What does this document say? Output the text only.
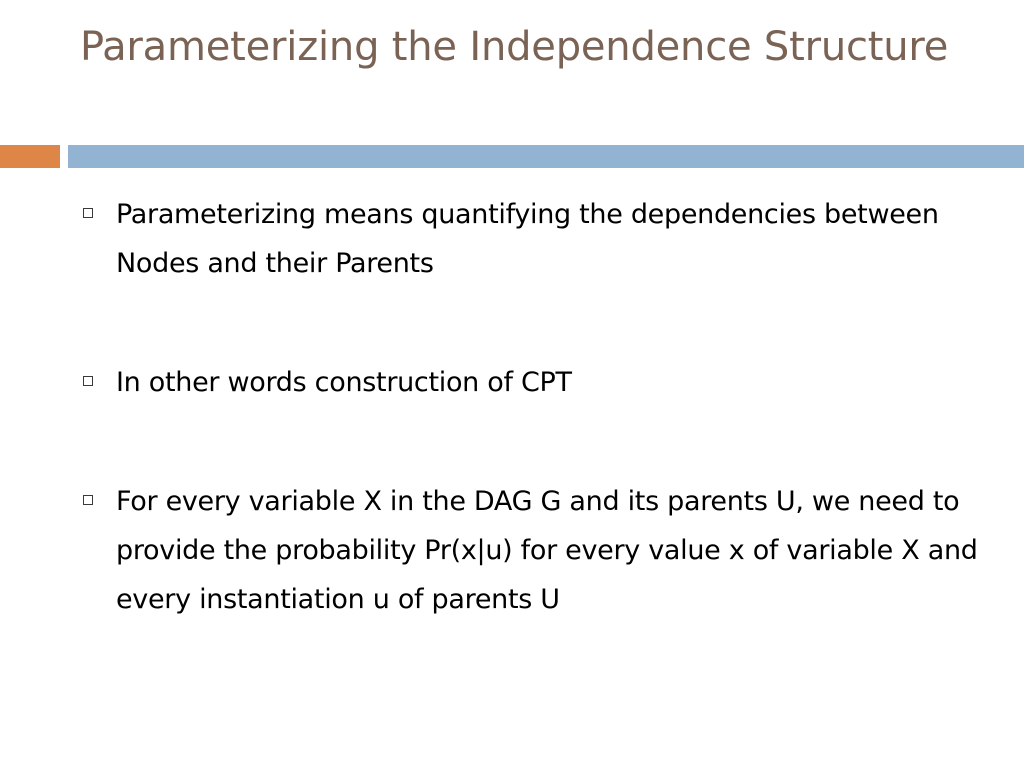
Parameterizing the Independence Structure
Parameterizing means quantifying the dependencies between Nodes and their Parents
In other words construction of CPT
For every variable X in the DAG G and its parents U, we need to provide the probability Pr(x|u) for every value x of variable X and every instantiation u of parents U
